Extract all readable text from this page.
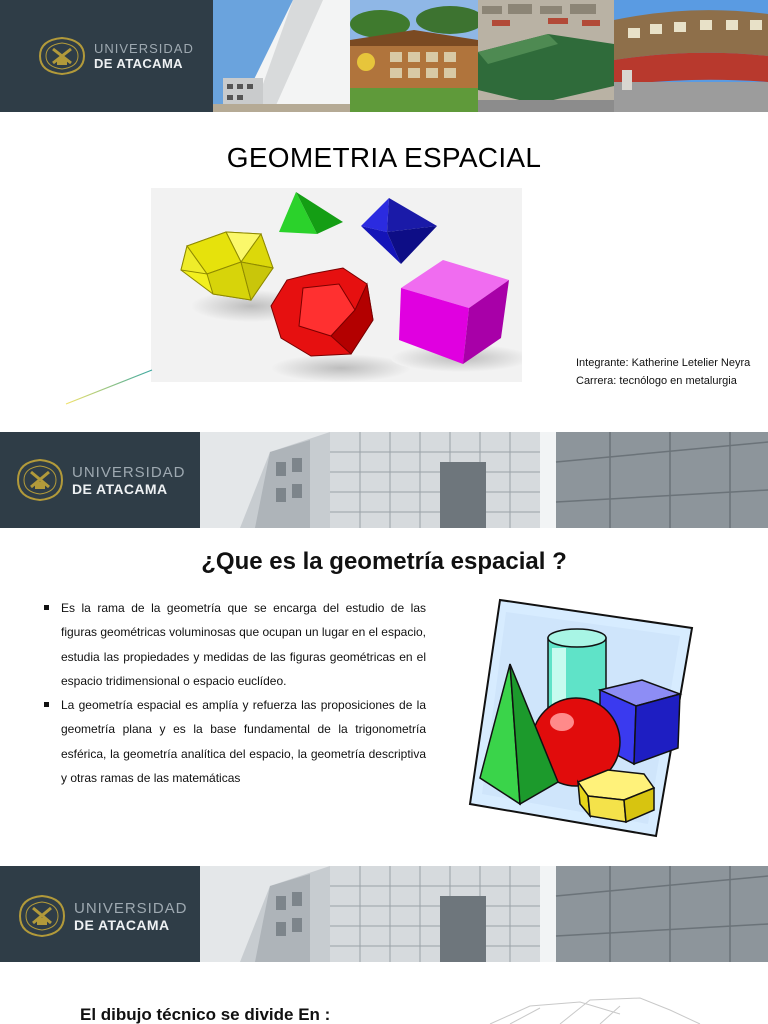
UNIVERSIDAD
DE ATACAMA
GEOMETRIA ESPACIAL
Integrante: Katherine Letelier Neyra
Carrera: tecnólogo en metalurgia
UNIVERSIDAD
DE ATACAMA
¿Que es la geometría espacial ?
Es la rama de la geometría que se encarga del estudio de las figuras geométricas voluminosas que ocupan un lugar en el espacio, estudia las propiedades y medidas de las figuras geométricas en el espacio tridimensional o espacio euclídeo.
La geometría espacial es amplía y refuerza las proposiciones de la geometría plana y es la base fundamental de la trigonometría esférica, la geometría analítica del espacio, la geometría descriptiva y otras ramas de las matemáticas
UNIVERSIDAD
DE ATACAMA
El dibujo técnico se divide En :
